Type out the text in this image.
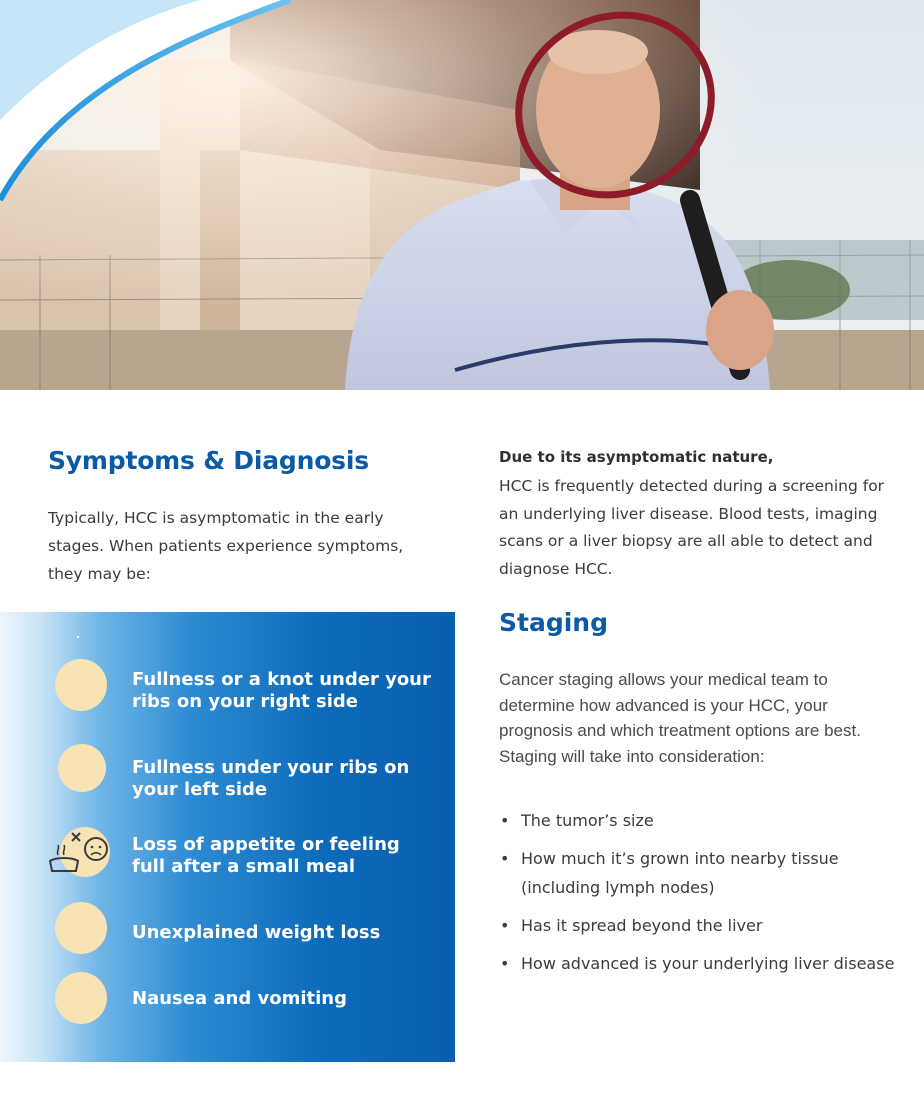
Symptoms & Diagnosis

Typically, HCC is asymptomatic in the early stages. When patients experience symptoms, they may be:

Fullness or a knot under your ribs on your right side
Fullness under your ribs on your left side
Loss of appetite or feeling full after a small meal
Unexplained weight loss
Nausea and vomiting
Due to its asymptomatic nature,

HCC is frequently detected during a screening for an underlying liver disease. Blood tests, imaging scans or a liver biopsy are all able to detect and diagnose HCC.

Staging

Cancer staging allows your medical team to determine how advanced is your HCC, your prognosis and which treatment options are best. Staging will take into consideration:

• The tumor’s size
• How much it’s grown into nearby tissue (including lymph nodes)
• Has it spread beyond the liver
• How advanced is your underlying liver disease
